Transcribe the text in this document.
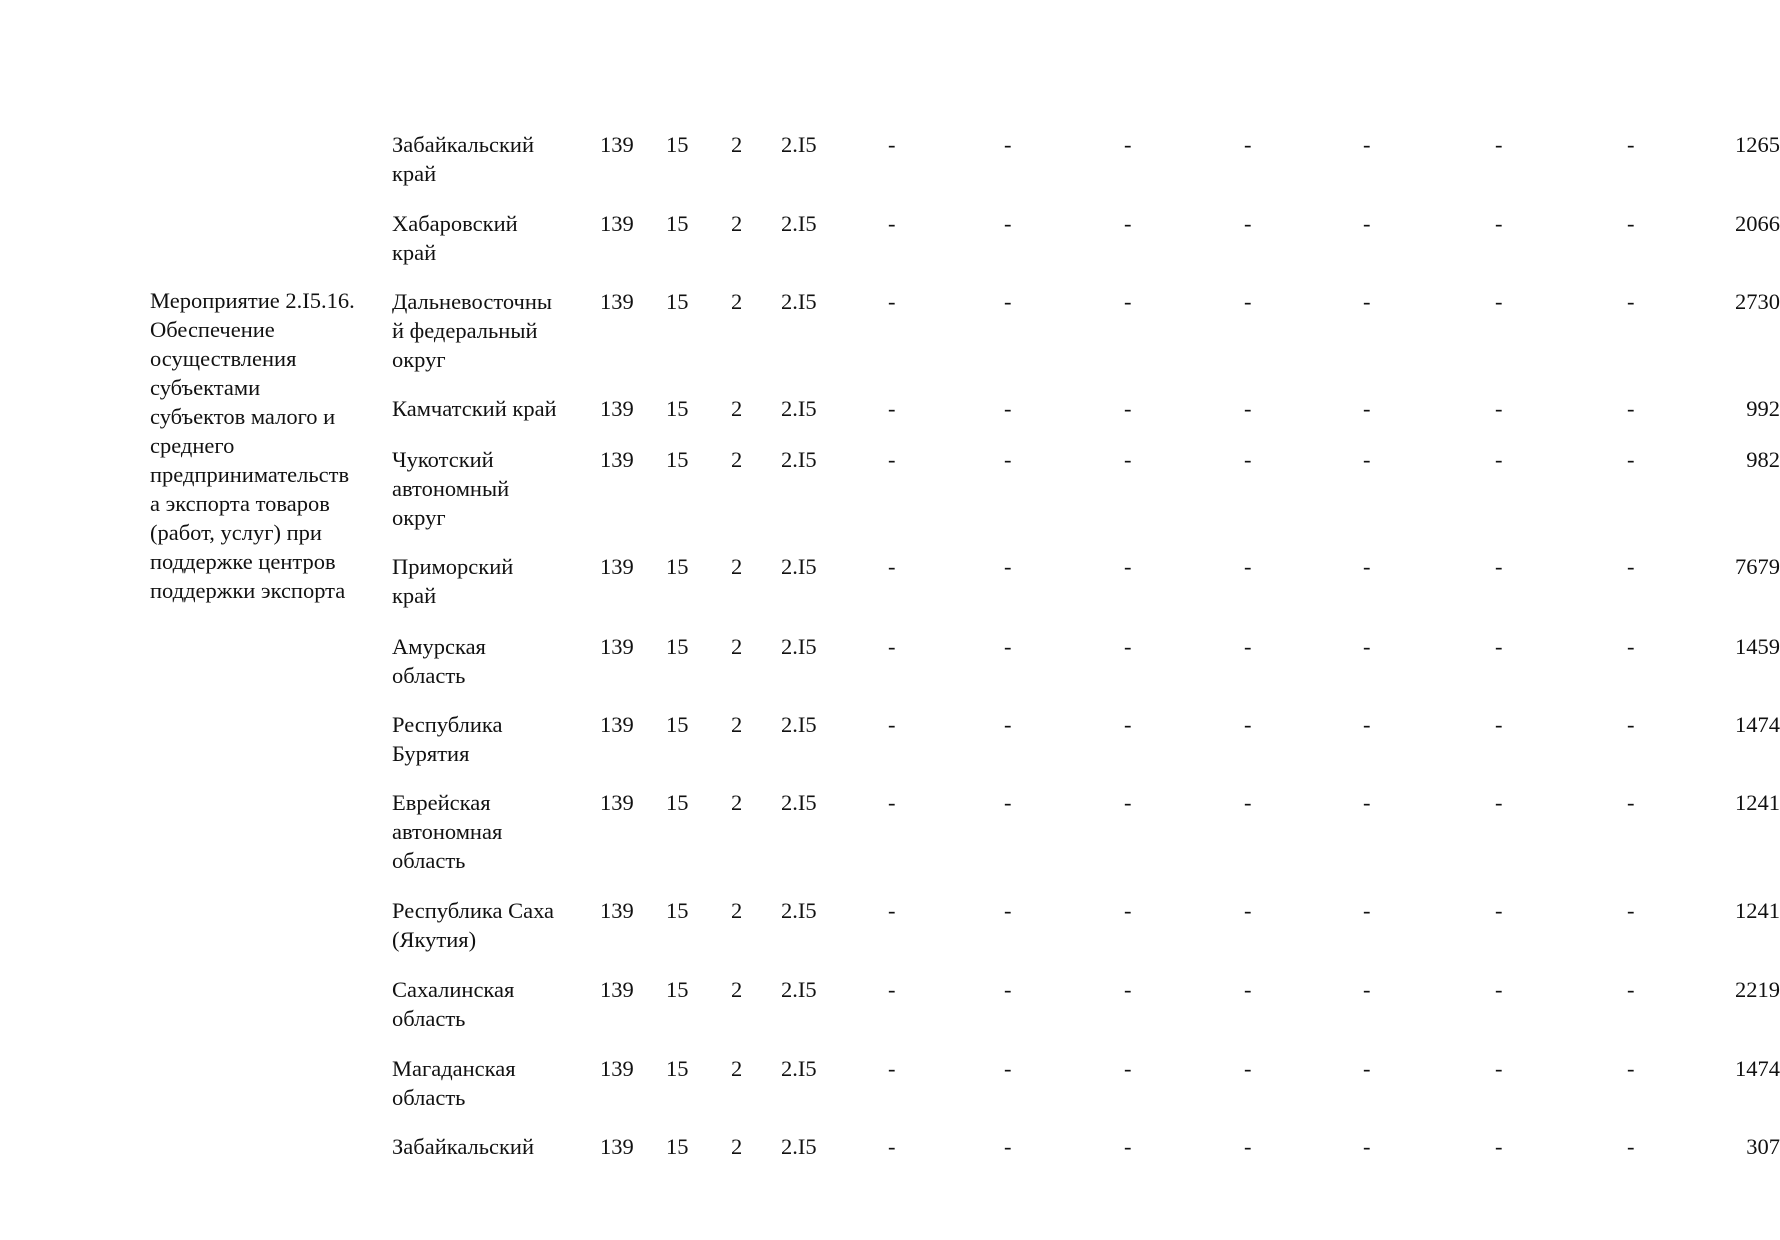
Мероприятие 2.I5.16.
Обеспечение
осуществления
субъектами
субъектов малого и
среднего
предпринимательств
а экспорта товаров
(работ, услуг) при
поддержке центров
поддержки экспорта
Забайкальский
край
139 15 2 2.I5	-	-	-	-	-	-	-	1265
Хабаровский
край
139 15 2 2.I5	-	-	-	-	-	-	-	2066
Дальневосточны
й федеральный
округ
139 15 2 2.I5	-	-	-	-	-	-	-	2730
Камчатский край	139 15 2 2.I5	-	-	-	-	-	-	-	992
Чукотский
автономный
округ
139 15 2 2.I5	-	-	-	-	-	-	-	982
Приморский
край
139 15 2 2.I5	-	-	-	-	-	-	-	7679
Амурская
область
139 15 2 2.I5	-	-	-	-	-	-	-	1459
Республика
Бурятия
139 15 2 2.I5	-	-	-	-	-	-	-	1474
Еврейская
автономная
область
139 15 2 2.I5	-	-	-	-	-	-	-	1241
Республика Саха
(Якутия)
139 15 2 2.I5	-	-	-	-	-	-	-	1241
Сахалинская
область
139 15 2 2.I5	-	-	-	-	-	-	-	2219
Магаданская
область
139 15 2 2.I5	-	-	-	-	-	-	-	1474
Забайкальский	139 15 2 2.I5	-	-	-	-	-	-	-	307
